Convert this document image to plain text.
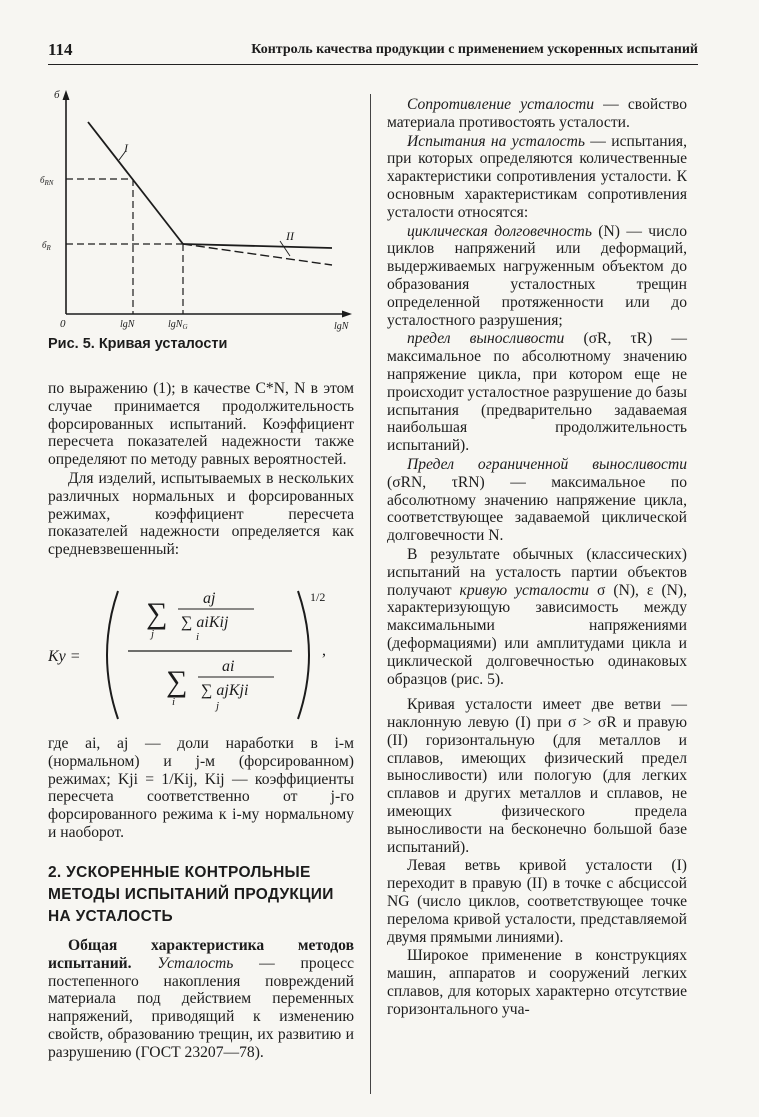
114	Контроль качества продукции с применением ускоренных испытаний
б
$б_{RN}$
$б_R$
0	lgN	lgN$_G$	lgN
I
II
Рис. 5. Кривая усталости

по выражению (1); в качестве C*N, N в этом случае принимается продолжительность форсированных испытаний. Коэффициент пересчета показателей надежности также определяют по методу равных вероятностей.

Для изделий, испытываемых в нескольких различных нормальных и форсированных режимах, коэффициент пересчета показателей надежности определяется как средневзвешенный:

Kу =
1/2
,
∑
j
aj
∑ aiKij
i
∑
i
ai
∑ ajKji
j

где ai, aj — доли наработки в i-м (нормальном) и j-м (форсированном) режимах; Kji = 1/Kij, Kij — коэффициенты пересчета соответственно от j-го форсированного режима к i-му нормальному и наоборот.

2. УСКОРЕННЫЕ КОНТРОЛЬНЫЕ МЕТОДЫ ИСПЫТАНИЙ ПРОДУКЦИИ НА УСТАЛОСТЬ

Общая характеристика методов испытаний. Усталость — процесс постепенного накопления повреждений материала под действием переменных напряжений, приводящий к изменению свойств, образованию трещин, их развитию и разрушению (ГОСТ 23207—78).

Сопротивление усталости — свойство материала противостоять усталости.

Испытания на усталость — испытания, при которых определяются количественные характеристики сопротивления усталости. К основным характеристикам сопротивления усталости относятся:

циклическая долговечность (N) — число циклов напряжений или деформаций, выдерживаемых нагруженным объектом до образования усталостных трещин определенной протяженности или до усталостного разрушения;

предел выносливости (σR, τR) — максимальное по абсолютному значению напряжение цикла, при котором еще не происходит усталостное разрушение до базы испытания (предварительно задаваемая наибольшая продолжительность испытаний).

Предел ограниченной выносливости (σRN, τRN) — максимальное по абсолютному значению напряжение цикла, соответствующее задаваемой циклической долговечности N.

В результате обычных (классических) испытаний на усталость партии объектов получают кривую усталости σ (N), ε (N), характеризующую зависимость между максимальными напряжениями (деформациями) или амплитудами цикла и циклической долговечностью одинаковых образцов (рис. 5).

Кривая усталости имеет две ветви — наклонную левую (I) при σ > σR и правую (II) горизонтальную (для металлов и сплавов, имеющих физический предел выносливости) или пологую (для легких сплавов и других металлов и сплавов, не имеющих физического предела выносливости на бесконечно большой базе испытаний).

Левая ветвь кривой усталости (I) переходит в правую (II) в точке с абсциссой NG (число циклов, соответствующее точке перелома кривой усталости, представляемой двумя прямыми линиями).

Широкое применение в конструкциях машин, аппаратов и сооружений легких сплавов, для которых характерно отсутствие горизонтального уча-
